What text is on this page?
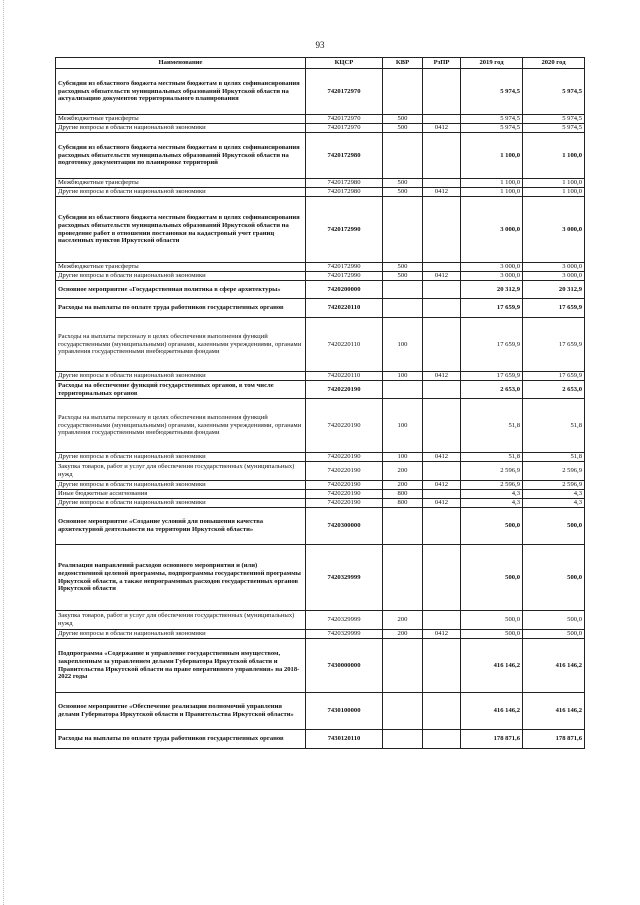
93
Наименование	КЦСР	КВР	РзПР	2019 год	2020 год
Субсидии из областного бюджета местным бюджетам в целях софинансирования расходных обязательств муниципальных образований Иркутской области на актуализацию документов территориального планирования	7420172970			5 974,5	5 974,5
Межбюджетные трансферты	7420172970	500		5 974,5	5 974,5
Другие вопросы в области национальной экономики	7420172970	500	0412	5 974,5	5 974,5
Субсидии из областного бюджета местным бюджетам в целях софинансирования расходных обязательств муниципальных образований Иркутской области на подготовку документации по планировке территорий	7420172980			1 100,0	1 100,0
Межбюджетные трансферты	7420172980	500		1 100,0	1 100,0
Другие вопросы в области национальной экономики	7420172980	500	0412	1 100,0	1 100,0
Субсидии из областного бюджета местным бюджетам в целях софинансирования расходных обязательств муниципальных образований Иркутской области на проведение работ в отношении постановки на кадастровый учет границ населенных пунктов Иркутской области	7420172990			3 000,0	3 000,0
Межбюджетные трансферты	7420172990	500		3 000,0	3 000,0
Другие вопросы в области национальной экономики	7420172990	500	0412	3 000,0	3 000,0
Основное мероприятие «Государственная политика в сфере архитектуры»	7420200000			20 312,9	20 312,9
Расходы на выплаты по оплате труда работников государственных органов	7420220110			17 659,9	17 659,9
Расходы на выплаты персоналу в целях обеспечения выполнения функций государственными (муниципальными) органами, казенными учреждениями, органами управления государственными внебюджетными фондами	7420220110	100		17 659,9	17 659,9
Другие вопросы в области национальной экономики	7420220110	100	0412	17 659,9	17 659,9
Расходы на обеспечение функций государственных органов, в том числе территориальных органов	7420220190			2 653,0	2 653,0
Расходы на выплаты персоналу в целях обеспечения выполнения функций государственными (муниципальными) органами, казенными учреждениями, органами управления государственными внебюджетными фондами	7420220190	100		51,8	51,8
Другие вопросы в области национальной экономики	7420220190	100	0412	51,8	51,8
Закупка товаров, работ и услуг для обеспечения государственных (муниципальных) нужд	7420220190	200		2 596,9	2 596,9
Другие вопросы в области национальной экономики	7420220190	200	0412	2 596,9	2 596,9
Иные бюджетные ассигнования	7420220190	800		4,3	4,3
Другие вопросы в области национальной экономики	7420220190	800	0412	4,3	4,3
Основное мероприятие «Создание условий для повышения качества архитектурной деятельности на территории Иркутской области»	7420300000			500,0	500,0
Реализация направлений расходов основного мероприятия и (или) ведомственной целевой программы, подпрограммы государственной программы Иркутской области, а также непрограммных расходов государственных органов Иркутской области	7420329999			500,0	500,0
Закупка товаров, работ и услуг для обеспечения государственных (муниципальных) нужд	7420329999	200		500,0	500,0
Другие вопросы в области национальной экономики	7420329999	200	0412	500,0	500,0
Подпрограмма «Содержание и управление государственным имуществом, закрепленным за управлением делами Губернатора Иркутской области и Правительства Иркутской области на праве оперативного управления» на 2018-2022 годы	7430000000			416 146,2	416 146,2
Основное мероприятие «Обеспечение реализации полномочий управления делами Губернатора Иркутской области и Правительства Иркутской области»	7430100000			416 146,2	416 146,2
Расходы на выплаты по оплате труда работников государственных органов	7430120110			178 871,6	178 871,6
